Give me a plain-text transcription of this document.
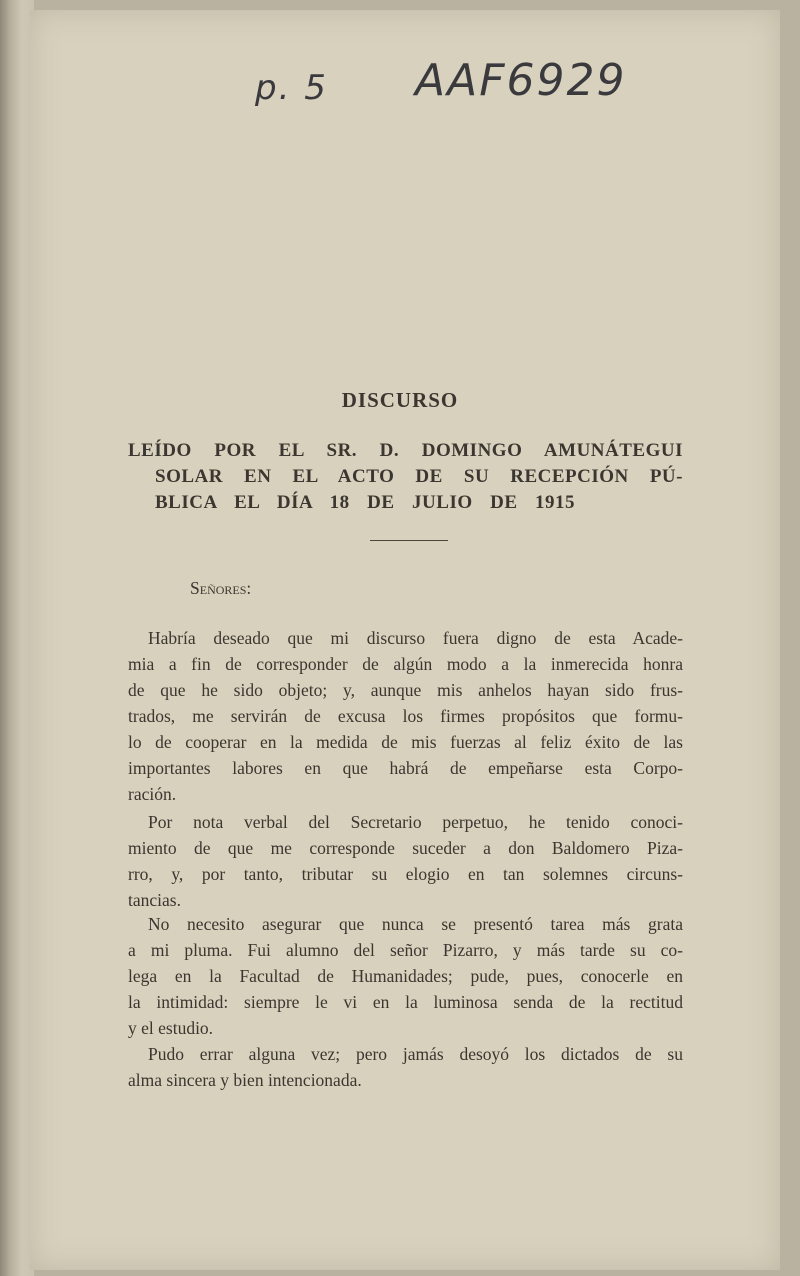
p. 5 AAF6929
DISCURSO
LEÍDO POR EL SR. D. DOMINGO AMUNÁTEGUI
SOLAR EN EL ACTO DE SU RECEPCIÓN PÚ-
BLICA EL DÍA 18 DE JULIO DE 1915
Señores:
Habría deseado que mi discurso fuera digno de esta Acade-
mia a fin de corresponder de algún modo a la inmerecida honra
de que he sido objeto; y, aunque mis anhelos hayan sido frus-
trados, me servirán de excusa los firmes propósitos que formu-
lo de cooperar en la medida de mis fuerzas al feliz éxito de las
importantes labores en que habrá de empeñarse esta Corpo-
ración.
Por nota verbal del Secretario perpetuo, he tenido conoci-
miento de que me corresponde suceder a don Baldomero Piza-
rro, y, por tanto, tributar su elogio en tan solemnes circuns-
tancias.
No necesito asegurar que nunca se presentó tarea más grata
a mi pluma. Fui alumno del señor Pizarro, y más tarde su co-
lega en la Facultad de Humanidades; pude, pues, conocerle en
la intimidad: siempre le vi en la luminosa senda de la rectitud
y el estudio.
Pudo errar alguna vez; pero jamás desoyó los dictados de su
alma sincera y bien intencionada.
